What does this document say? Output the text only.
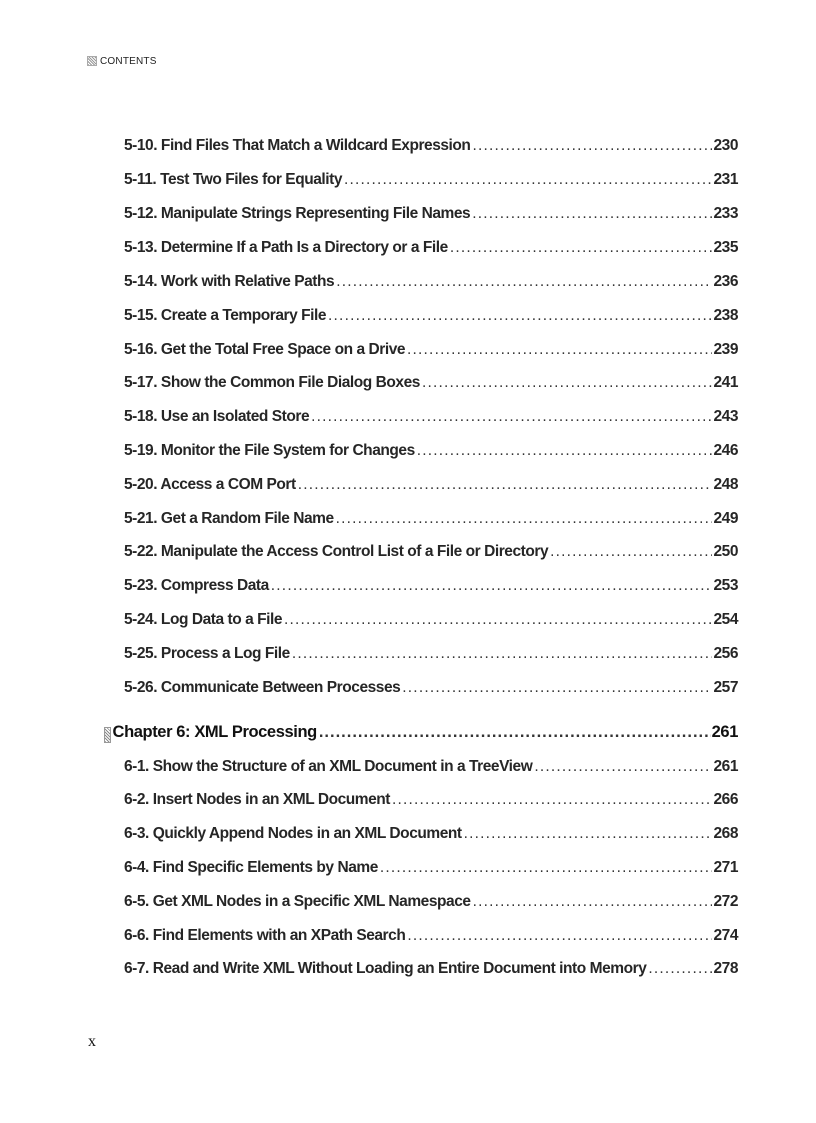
CONTENTS
5-10. Find Files That Match a Wildcard Expression .....	230
5-11. Test Two Files for Equality .....	231
5-12. Manipulate Strings Representing File Names .....	233
5-13. Determine If a Path Is a Directory or a File .....	235
5-14. Work with Relative Paths .....	236
5-15. Create a Temporary File .....	238
5-16. Get the Total Free Space on a Drive .....	239
5-17. Show the Common File Dialog Boxes .....	241
5-18. Use an Isolated Store .....	243
5-19. Monitor the File System for Changes .....	246
5-20. Access a COM Port .....	248
5-21. Get a Random File Name .....	249
5-22. Manipulate the Access Control List of a File or Directory .....	250
5-23. Compress Data .....	253
5-24. Log Data to a File .....	254
5-25. Process a Log File .....	256
5-26. Communicate Between Processes .....	257
Chapter 6: XML Processing .....	261
6-1. Show the Structure of an XML Document in a TreeView .....	261
6-2. Insert Nodes in an XML Document .....	266
6-3. Quickly Append Nodes in an XML Document .....	268
6-4. Find Specific Elements by Name .....	271
6-5. Get XML Nodes in a Specific XML Namespace .....	272
6-6. Find Elements with an XPath Search .....	274
6-7. Read and Write XML Without Loading an Entire Document into Memory .....	278
x
